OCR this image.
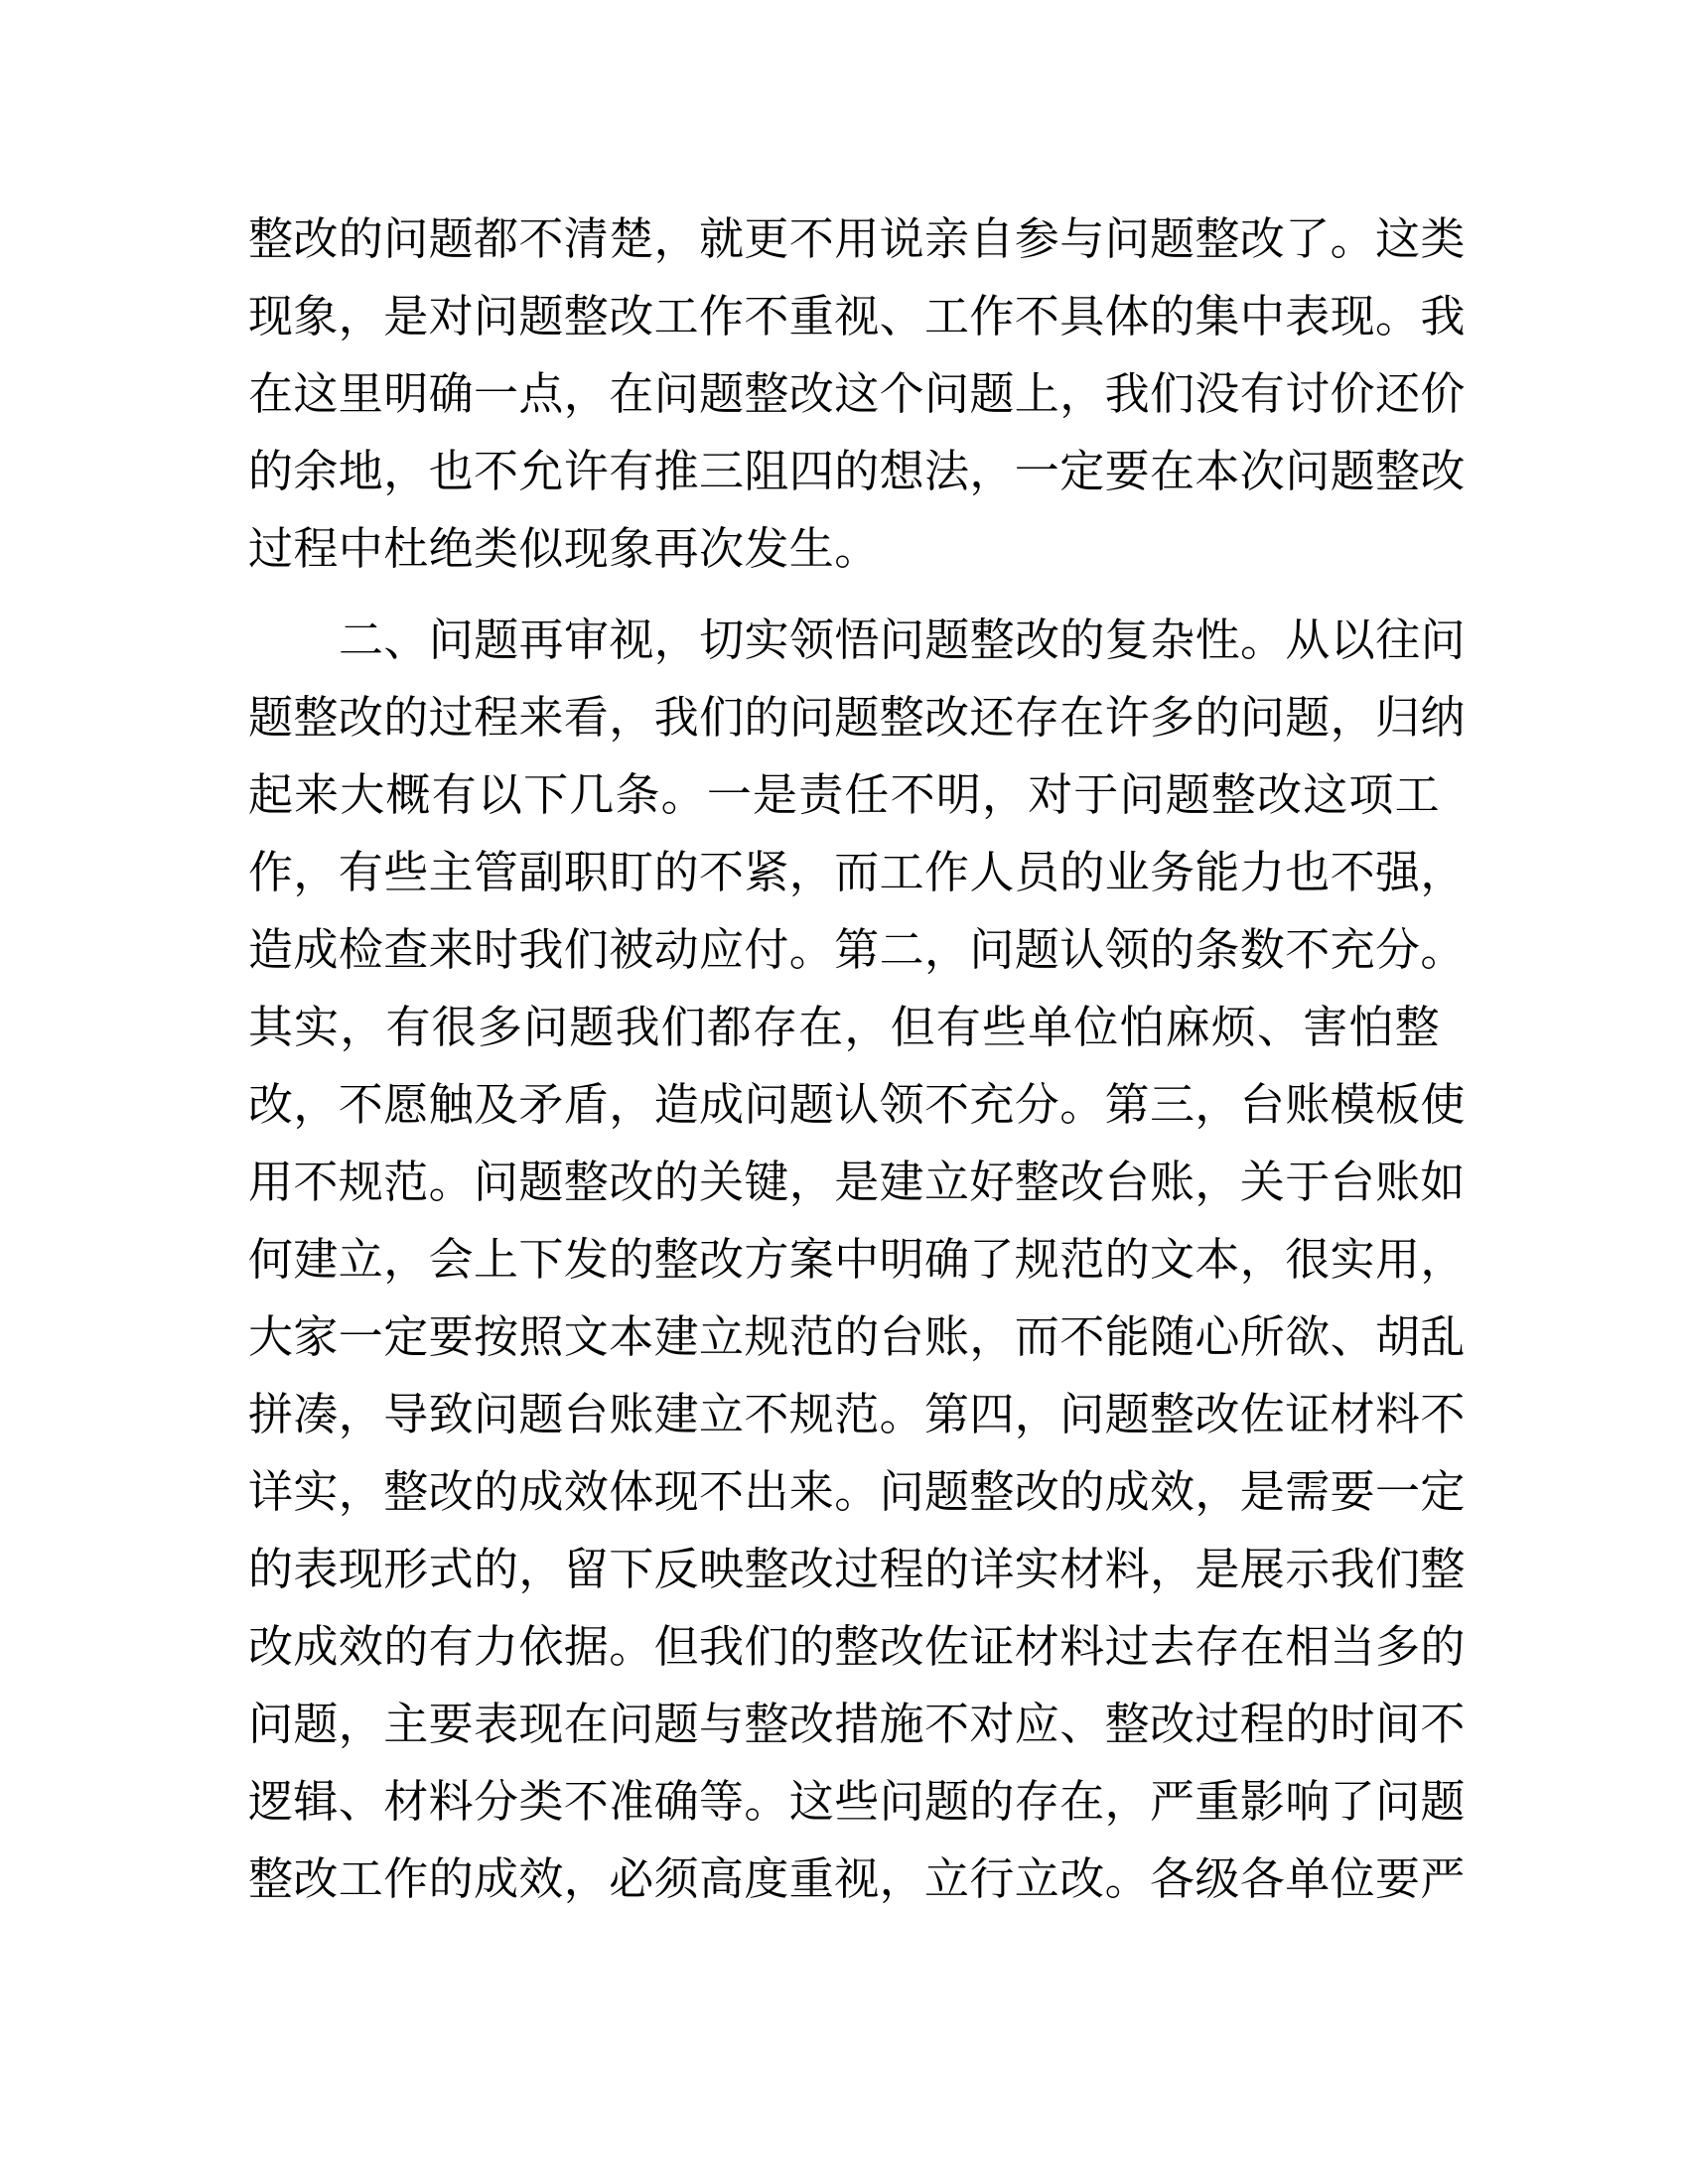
整改的问题都不清楚，就更不用说亲自参与问题整改了。这类
现象，是对问题整改工作不重视、工作不具体的集中表现。我
在这里明确一点，在问题整改这个问题上，我们没有讨价还价
的余地，也不允许有推三阻四的想法，一定要在本次问题整改
过程中杜绝类似现象再次发生。

二、问题再审视，切实领悟问题整改的复杂性。从以往问
题整改的过程来看，我们的问题整改还存在许多的问题，归纳
起来大概有以下几条。一是责任不明，对于问题整改这项工
作，有些主管副职盯的不紧，而工作人员的业务能力也不强，
造成检查来时我们被动应付。第二，问题认领的条数不充分。
其实，有很多问题我们都存在，但有些单位怕麻烦、害怕整
改，不愿触及矛盾，造成问题认领不充分。第三，台账模板使
用不规范。问题整改的关键，是建立好整改台账，关于台账如
何建立，会上下发的整改方案中明确了规范的文本，很实用，
大家一定要按照文本建立规范的台账，而不能随心所欲、胡乱
拼凑，导致问题台账建立不规范。第四，问题整改佐证材料不
详实，整改的成效体现不出来。问题整改的成效，是需要一定
的表现形式的，留下反映整改过程的详实材料，是展示我们整
改成效的有力依据。但我们的整改佐证材料过去存在相当多的
问题，主要表现在问题与整改措施不对应、整改过程的时间不
逻辑、材料分类不准确等。这些问题的存在，严重影响了问题
整改工作的成效，必须高度重视，立行立改。各级各单位要严
